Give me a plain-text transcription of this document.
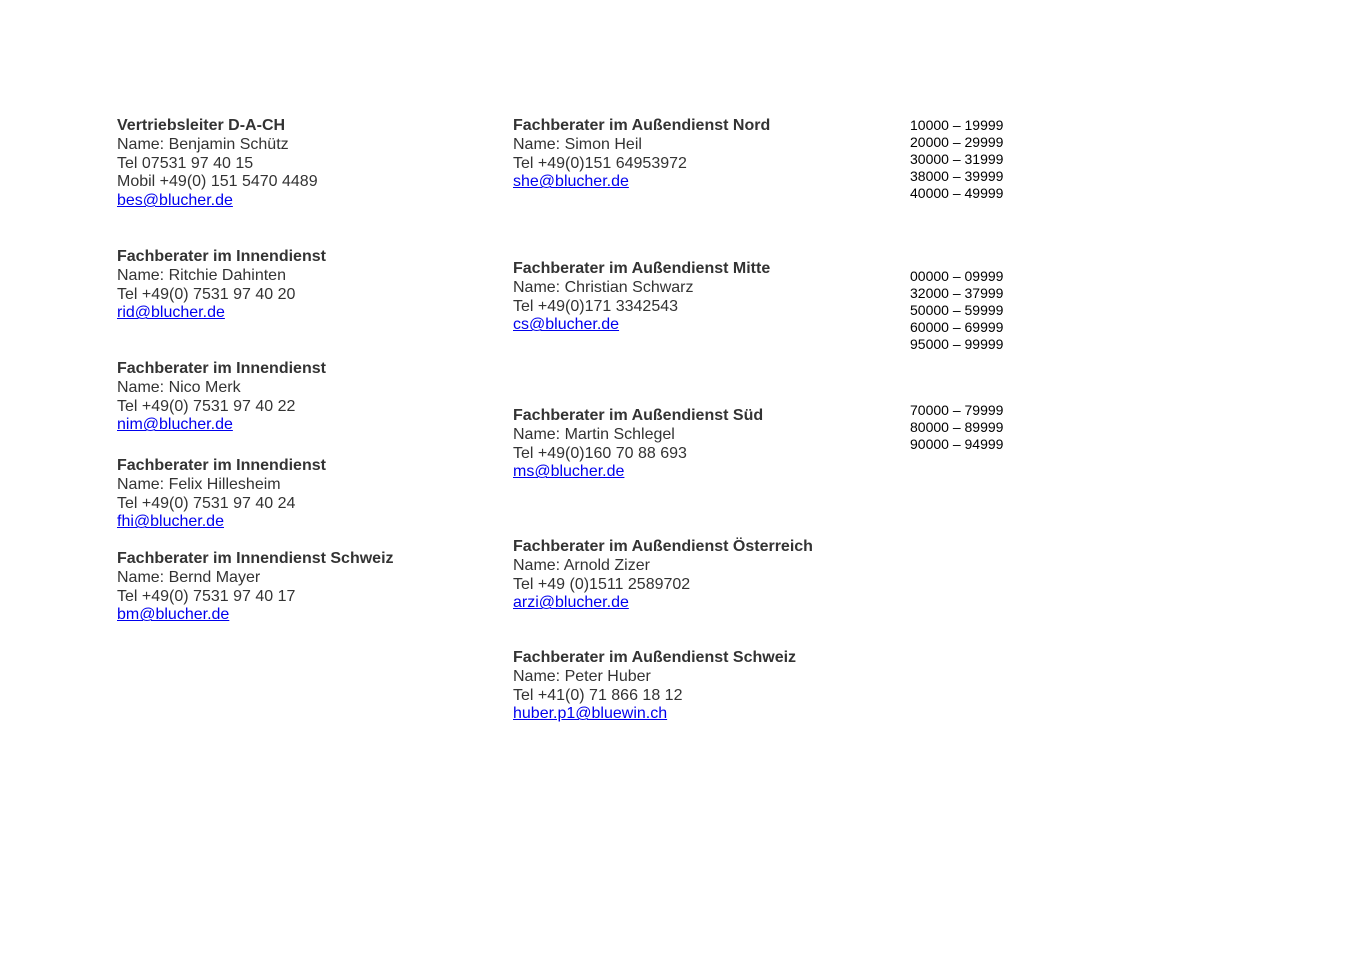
Vertriebsleiter D-A-CH
Name: Benjamin Schütz
Tel 07531 97 40 15
Mobil +49(0) 151 5470 4489
bes@blucher.de
Fachberater im Innendienst
Name: Ritchie Dahinten
Tel +49(0) 7531 97 40 20
rid@blucher.de
Fachberater im Innendienst
Name: Nico Merk
Tel +49(0) 7531 97 40 22
nim@blucher.de
Fachberater im Innendienst
Name: Felix Hillesheim
Tel +49(0) 7531 97 40 24
fhi@blucher.de
Fachberater im Innendienst Schweiz
Name: Bernd Mayer
Tel +49(0) 7531 97 40 17
bm@blucher.de
Fachberater im Außendienst Nord
Name: Simon Heil
Tel +49(0)151 64953972
she@blucher.de
Fachberater im Außendienst Mitte
Name: Christian Schwarz
Tel +49(0)171 3342543
cs@blucher.de
Fachberater im Außendienst Süd
Name: Martin Schlegel
Tel +49(0)160 70 88 693
ms@blucher.de
Fachberater im Außendienst Österreich
Name: Arnold Zizer
Tel +49 (0)1511 2589702
arzi@blucher.de
Fachberater im Außendienst Schweiz
Name: Peter Huber
Tel +41(0) 71 866 18 12
huber.p1@bluewin.ch
10000 – 19999
20000 – 29999
30000 – 31999
38000 – 39999
40000 – 49999
00000 – 09999
32000 – 37999
50000 – 59999
60000 – 69999
95000 – 99999
70000 – 79999
80000 – 89999
90000 – 94999
